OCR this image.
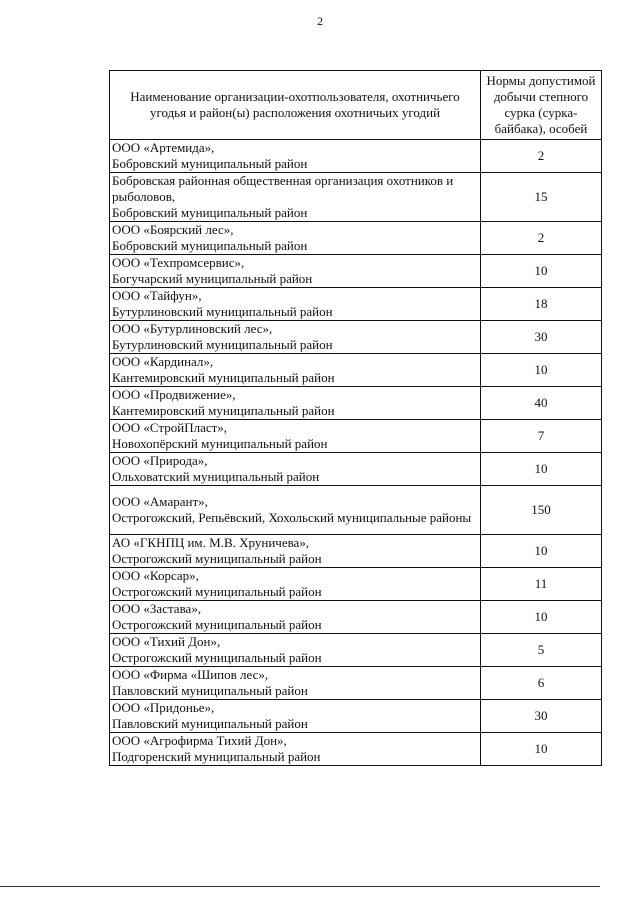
2
Наименование организации-охотпользователя, охотничьего угодья и район(ы) расположения охотничьих угодий	Нормы допустимой добычи степного сурка (сурка-байбака), особей
ООО «Артемида»,
Бобровский муниципальный район	2
Бобровская районная общественная организация охотников и рыболовов,
Бобровский муниципальный район	15
ООО «Боярский лес»,
Бобровский муниципальный район	2
ООО «Техпромсервис»,
Богучарский муниципальный район	10
ООО «Тайфун»,
Бутурлиновский муниципальный район	18
ООО «Бутурлиновский лес»,
Бутурлиновский муниципальный район	30
ООО «Кардинал»,
Кантемировский муниципальный район	10
ООО «Продвижение»,
Кантемировский муниципальный район	40
ООО «СтройПласт»,
Новохопёрский муниципальный район	7
ООО «Природа»,
Ольховатский муниципальный район	10
ООО «Амарант»,
Острогожский, Репьёвский, Хохольский муниципальные районы	150
АО «ГКНПЦ им. М.В. Хруничева»,
Острогожский муниципальный район	10
ООО «Корсар»,
Острогожский муниципальный район	11
ООО «Застава»,
Острогожский муниципальный район	10
ООО «Тихий Дон»,
Острогожский муниципальный район	5
ООО «Фирма «Шипов лес»,
Павловский муниципальный район	6
ООО «Придонье»,
Павловский муниципальный район	30
ООО «Агрофирма Тихий Дон»,
Подгоренский муниципальный район	10
